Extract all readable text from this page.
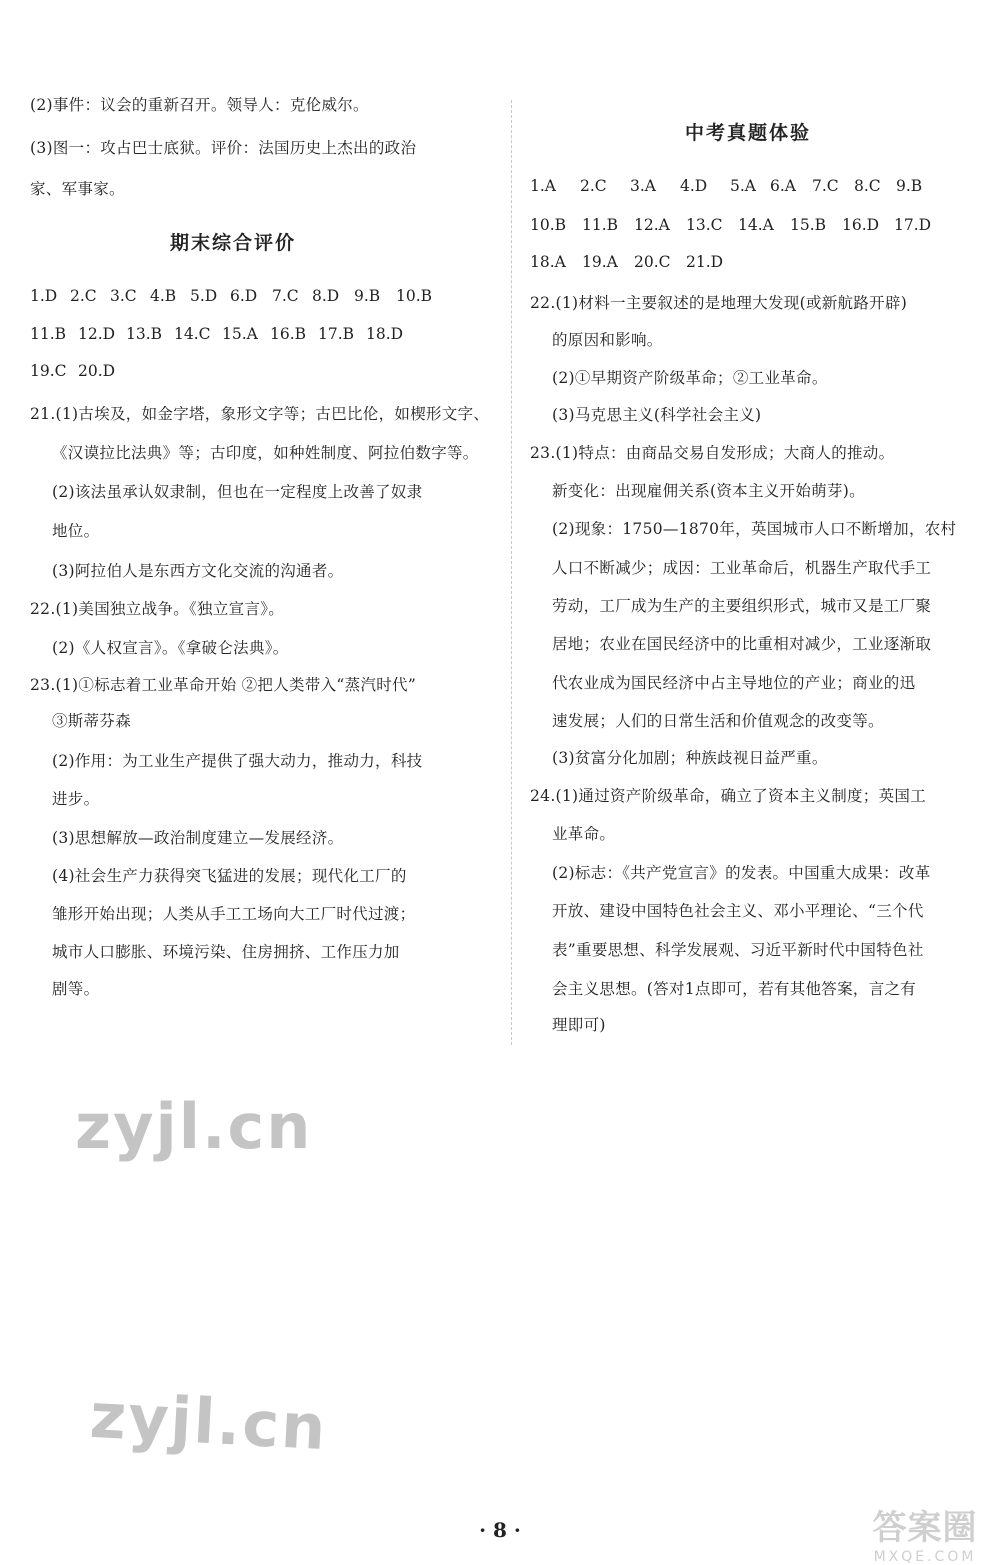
(2)事件：议会的重新召开。领导人：克伦威尔。
(3)图一：攻占巴士底狱。评价：法国历史上杰出的政治
家、军事家。
期末综合评价
1.D 2.C 3.C 4.B 5.D 6.D 7.C 8.D 9.B 10.B
11.B 12.D 13.B 14.C 15.A 16.B 17.B 18.D
19.C 20.D
21.(1)古埃及，如金字塔，象形文字等；古巴比伦，如楔形文字、
《汉谟拉比法典》等；古印度，如种姓制度、阿拉伯数字等。
(2)该法虽承认奴隶制，但也在一定程度上改善了奴隶
地位。
(3)阿拉伯人是东西方文化交流的沟通者。
22.(1)美国独立战争。《独立宣言》。
(2)《人权宣言》。《拿破仑法典》。
23.(1)①标志着工业革命开始 ②把人类带入“蒸汽时代”
③斯蒂芬森
(2)作用：为工业生产提供了强大动力，推动力，科技
进步。
(3)思想解放—政治制度建立—发展经济。
(4)社会生产力获得突飞猛进的发展；现代化工厂的
雏形开始出现；人类从手工工场向大工厂时代过渡；
城市人口膨胀、环境污染、住房拥挤、工作压力加
剧等。
中考真题体验
1.A 2.C 3.A 4.D 5.A 6.A 7.C 8.C 9.B
10.B 11.B 12.A 13.C 14.A 15.B 16.D 17.D
18.A 19.A 20.C 21.D
22.(1)材料一主要叙述的是地理大发现(或新航路开辟)
的原因和影响。
(2)①早期资产阶级革命；②工业革命。
(3)马克思主义(科学社会主义)
23.(1)特点：由商品交易自发形成；大商人的推动。
新变化：出现雇佣关系(资本主义开始萌芽)。
(2)现象：1750—1870年，英国城市人口不断增加，农村
人口不断减少；成因：工业革命后，机器生产取代手工
劳动，工厂成为生产的主要组织形式，城市又是工厂聚
居地；农业在国民经济中的比重相对减少，工业逐渐取
代农业成为国民经济中占主导地位的产业；商业的迅
速发展；人们的日常生活和价值观念的改变等。
(3)贫富分化加剧；种族歧视日益严重。
24.(1)通过资产阶级革命，确立了资本主义制度；英国工
业革命。
(2)标志：《共产党宣言》的发表。中国重大成果：改革
开放、建设中国特色社会主义、邓小平理论、“三个代
表”重要思想、科学发展观、习近平新时代中国特色社
会主义思想。(答对1点即可，若有其他答案，言之有
理即可)
zyjl.cn
zyjl.cn
· 8 ·	答案圈
MXQE.COM
